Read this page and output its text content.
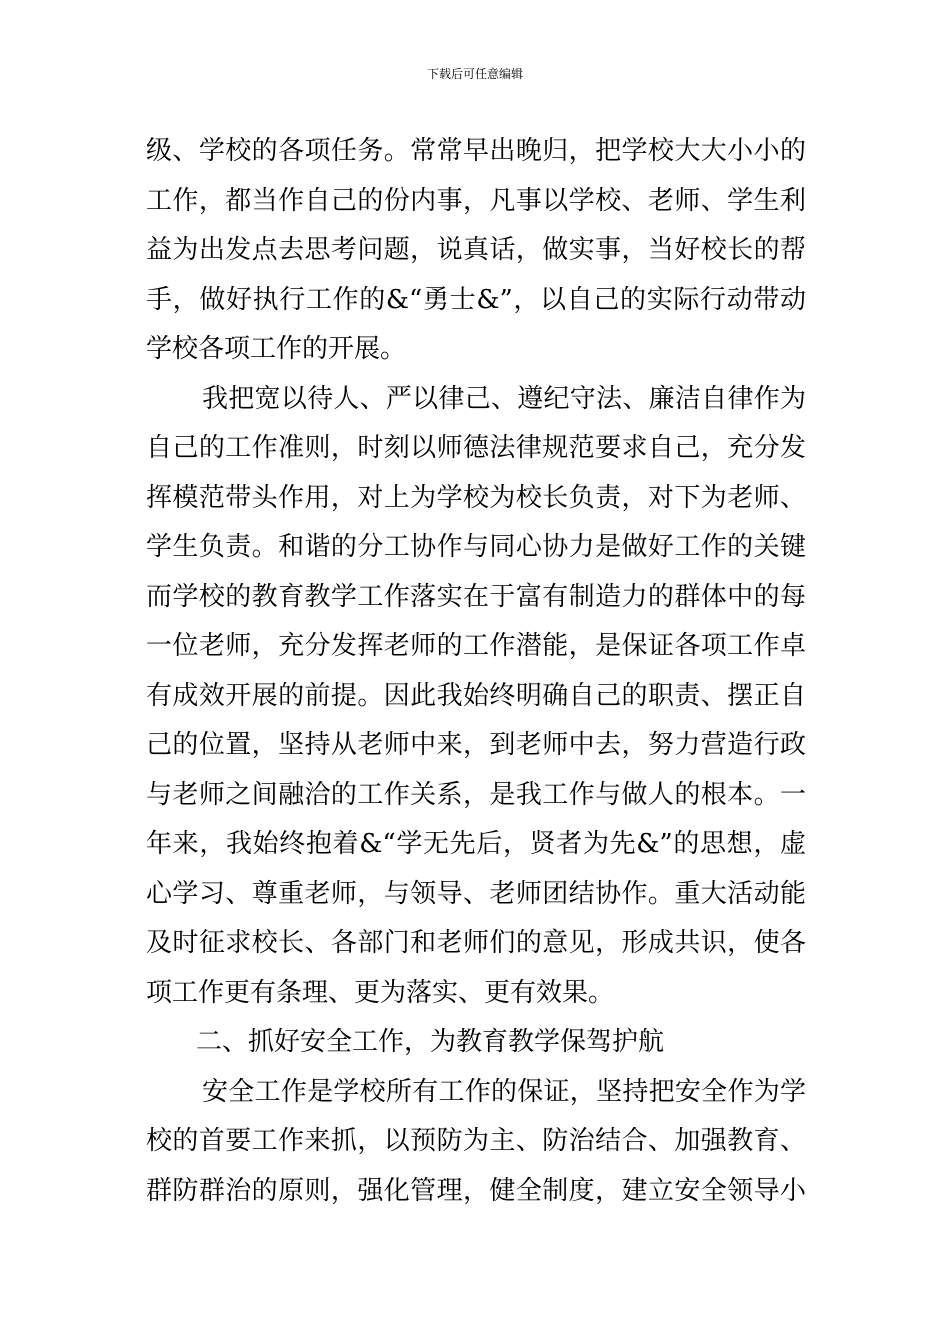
下载后可任意编辑
级、学校的各项任务。常常早出晚归，把学校大大小小的
工作，都当作自己的份内事，凡事以学校、老师、学生利
益为出发点去思考问题，说真话，做实事，当好校长的帮
手，做好执行工作的&“勇士&”，以自己的实际行动带动
学校各项工作的开展。
我把宽以待人、严以律己、遵纪守法、廉洁自律作为
自己的工作准则，时刻以师德法律规范要求自己，充分发
挥模范带头作用，对上为学校为校长负责，对下为老师、
学生负责。和谐的分工协作与同心协力是做好工作的关键
而学校的教育教学工作落实在于富有制造力的群体中的每
一位老师，充分发挥老师的工作潜能，是保证各项工作卓
有成效开展的前提。因此我始终明确自己的职责、摆正自
己的位置，坚持从老师中来，到老师中去，努力营造行政
与老师之间融洽的工作关系，是我工作与做人的根本。一
年来，我始终抱着&“学无先后，贤者为先&”的思想，虚
心学习、尊重老师，与领导、老师团结协作。重大活动能
及时征求校长、各部门和老师们的意见，形成共识，使各
项工作更有条理、更为落实、更有效果。
二、抓好安全工作，为教育教学保驾护航
安全工作是学校所有工作的保证，坚持把安全作为学
校的首要工作来抓，以预防为主、防治结合、加强教育、
群防群治的原则，强化管理，健全制度，建立安全领导小
